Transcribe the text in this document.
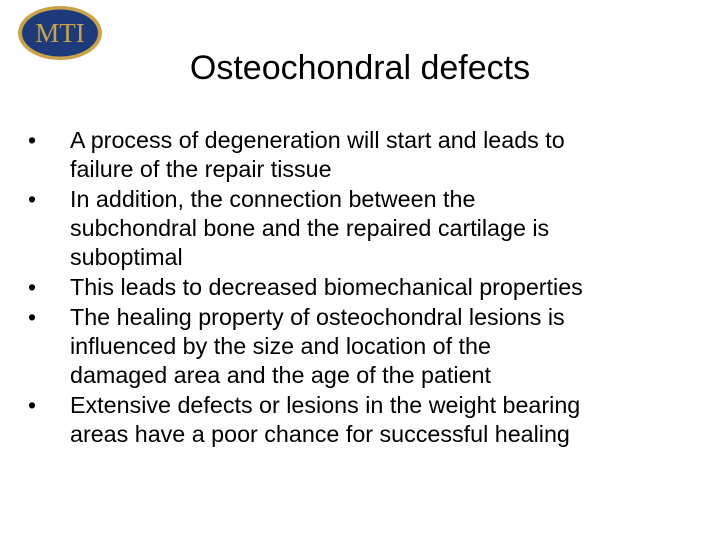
MTI
Osteochondral defects
•	A process of degeneration will start and leads to
failure of the repair tissue
•	In addition, the connection between the
subchondral bone and the repaired cartilage is
suboptimal
•	This leads to decreased biomechanical properties
•	The healing property of osteochondral lesions is
influenced by the size and location of the
damaged area and the age of the patient
•	Extensive defects or lesions in the weight bearing
areas have a poor chance for successful healing
